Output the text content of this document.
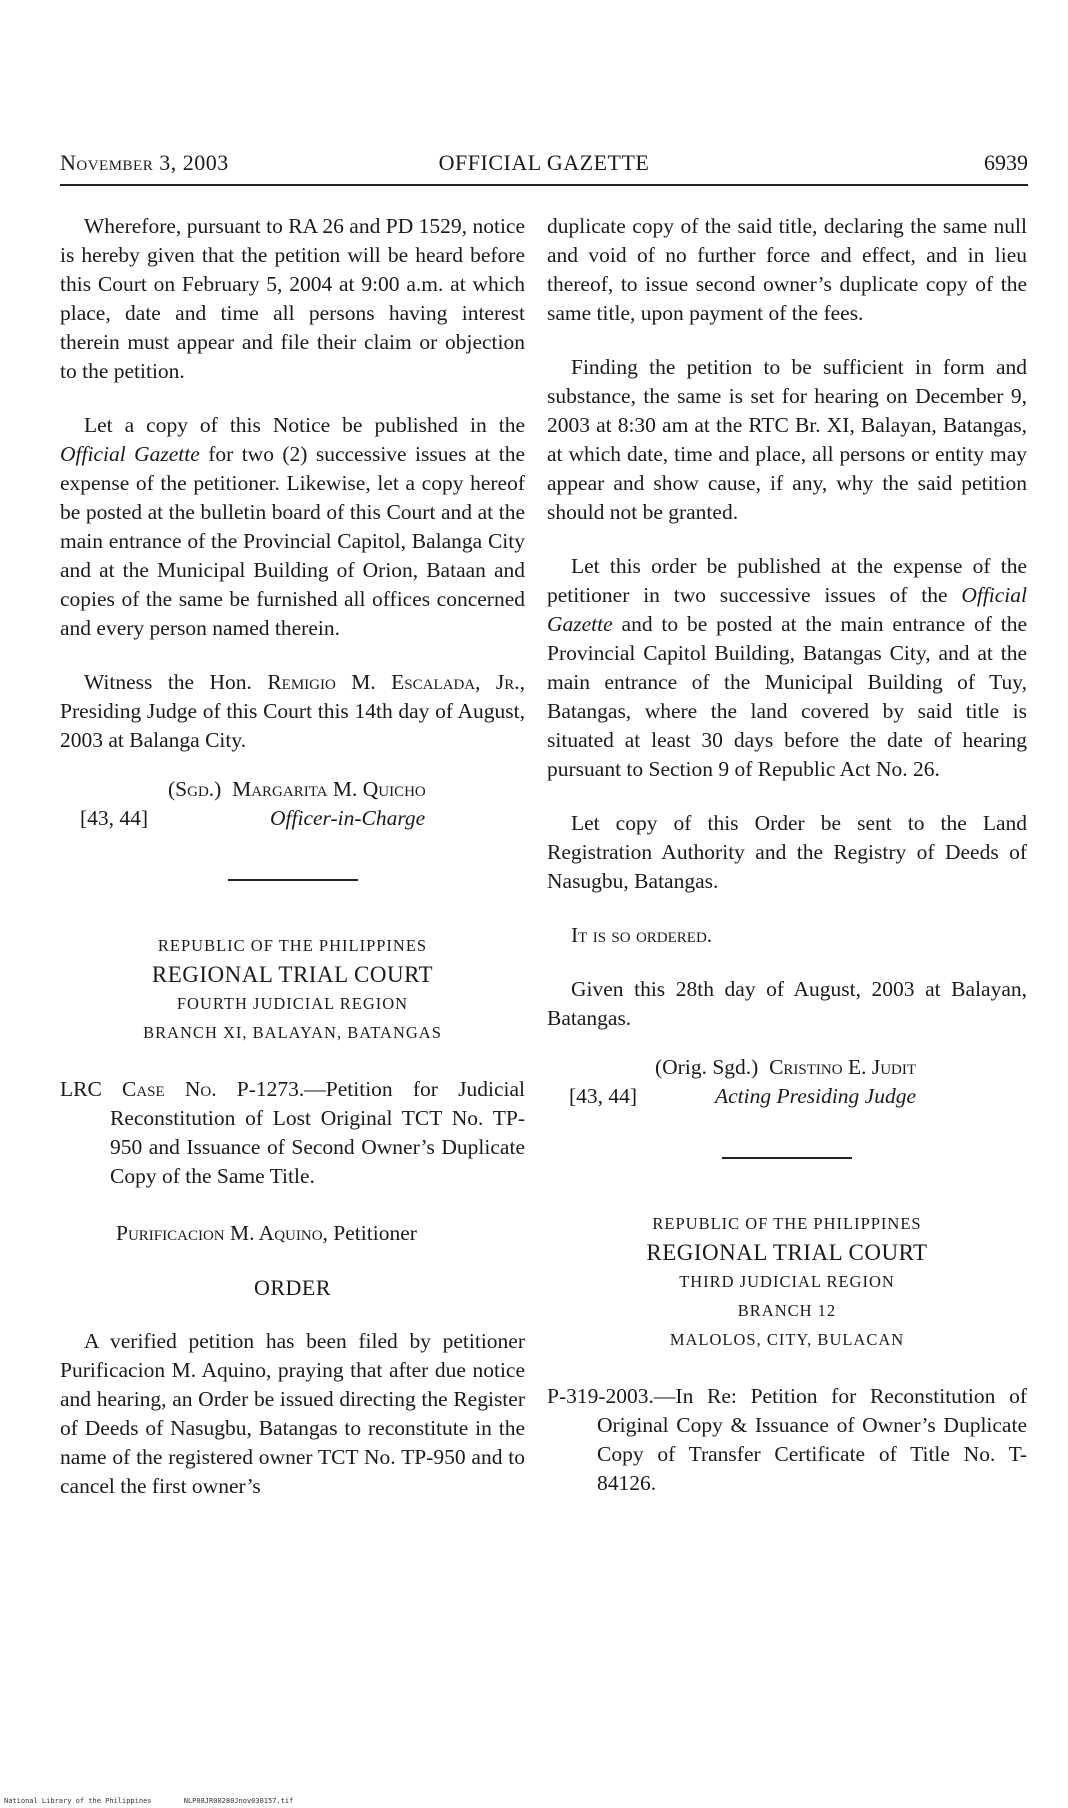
November 3, 2003	OFFICIAL GAZETTE	6939

Wherefore, pursuant to RA 26 and PD 1529, notice is hereby given that the petition will be heard before this Court on February 5, 2004 at 9:00 a.m. at which place, date and time all persons having interest therein must appear and file their claim or objection to the petition.

Let a copy of this Notice be published in the Official Gazette for two (2) successive issues at the expense of the petitioner. Likewise, let a copy hereof be posted at the bulletin board of this Court and at the main entrance of the Provincial Capitol, Balanga City and at the Municipal Building of Orion, Bataan and copies of the same be furnished all offices concerned and every person named therein.

Witness the Hon. Remigio M. Escalada, Jr., Presiding Judge of this Court this 14th day of August, 2003 at Balanga City.

(Sgd.) Margarita M. Quicho
[43, 44]	Officer-in-Charge
REPUBLIC OF THE PHILIPPINES
REGIONAL TRIAL COURT
FOURTH JUDICIAL REGION
BRANCH XI, BALAYAN, BATANGAS
LRC Case No. P-1273.—Petition for Judicial Reconstitution of Lost Original TCT No. TP-950 and Issuance of Second Owner’s Duplicate Copy of the Same Title.

Purificacion M. Aquino, Petitioner

ORDER

A verified petition has been filed by petitioner Purificacion M. Aquino, praying that after due notice and hearing, an Order be issued directing the Register of Deeds of Nasugbu, Batangas to reconstitute in the name of the registered owner TCT No. TP-950 and to cancel the first owner’s

duplicate copy of the said title, declaring the same null and void of no further force and effect, and in lieu thereof, to issue second owner’s duplicate copy of the same title, upon payment of the fees.

Finding the petition to be sufficient in form and substance, the same is set for hearing on December 9, 2003 at 8:30 am at the RTC Br. XI, Balayan, Batangas, at which date, time and place, all persons or entity may appear and show cause, if any, why the said petition should not be granted.

Let this order be published at the expense of the petitioner in two successive issues of the Official Gazette and to be posted at the main entrance of the Provincial Capitol Building, Batangas City, and at the main entrance of the Municipal Building of Tuy, Batangas, where the land covered by said title is situated at least 30 days before the date of hearing pursuant to Section 9 of Republic Act No. 26.

Let copy of this Order be sent to the Land Registration Authority and the Registry of Deeds of Nasugbu, Batangas.

It is so ordered.

Given this 28th day of August, 2003 at Balayan, Batangas.

(Orig. Sgd.) Cristino E. Judit
[43, 44]	Acting Presiding Judge
REPUBLIC OF THE PHILIPPINES
REGIONAL TRIAL COURT
THIRD JUDICIAL REGION
BRANCH 12
MALOLOS, CITY, BULACAN
P-319-2003.—In Re: Petition for Reconstitution of Original Copy & Issuance of Owner’s Duplicate Copy of Transfer Certificate of Title No. T-84126.
National Library of the Philippines	NLP08JR00280Jnov030157.tif
